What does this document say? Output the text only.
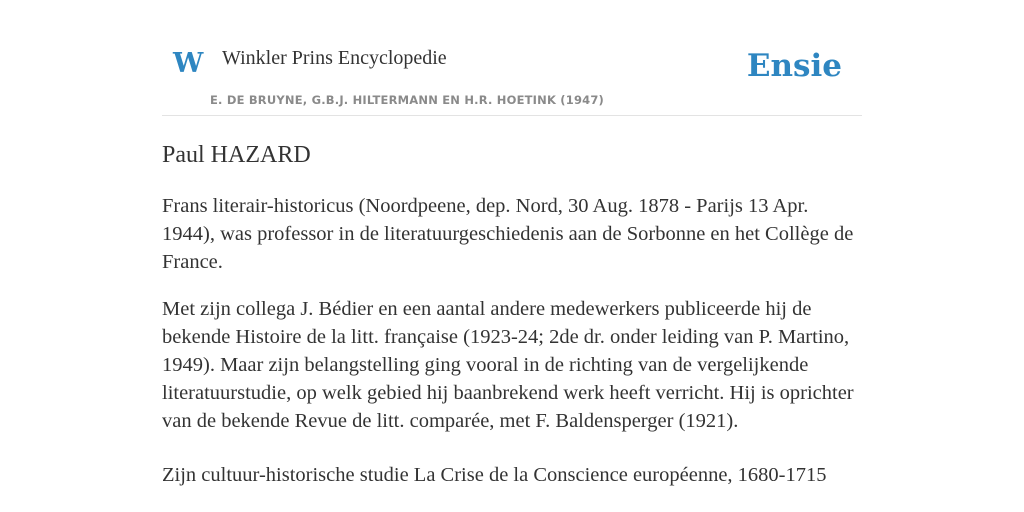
W Winkler Prins Encyclopedie
E. DE BRUYNE, G.B.J. HILTERMANN EN H.R. HOETINK (1947)
Ensie
Paul HAZARD

Frans literair-historicus (Noordpeene, dep. Nord, 30 Aug. 1878 - Parijs 13 Apr. 1944), was professor in de literatuurgeschiedenis aan de Sorbonne en het Collège de France.

Met zijn collega J. Bédier en een aantal andere medewerkers publiceerde hij de bekende Histoire de la litt. française (1923-24; 2de dr. onder leiding van P. Martino, 1949). Maar zijn belangstelling ging vooral in de richting van de vergelijkende literatuurstudie, op welk gebied hij baanbrekend werk heeft verricht. Hij is oprichter van de bekende Revue de litt. comparée, met F. Baldensperger (1921).

Zijn cultuur-historische studie La Crise de la Conscience européenne, 1680-1715
